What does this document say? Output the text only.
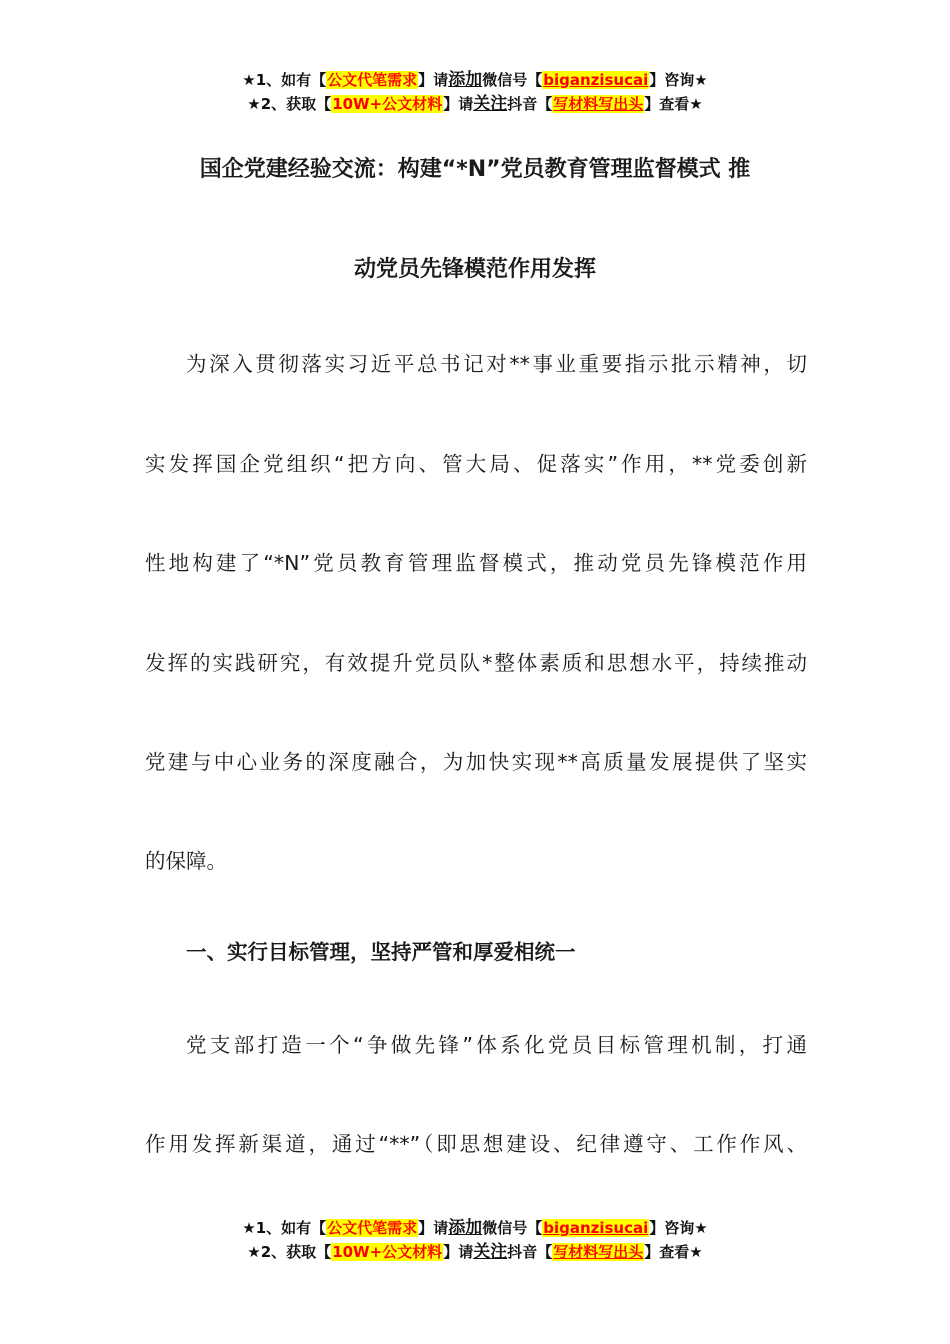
★1、如有【公文代笔需求】请添加微信号【biganzisucai】咨询★
★2、获取【10W+公文材料】请关注抖音【写材料写出头】查看★
国企党建经验交流：构建“*N”党员教育管理监督模式 推
动党员先锋模范作用发挥
为深入贯彻落实习近平总书记对**事业重要指示批示精神，切
实发挥国企党组织“把方向、管大局、促落实”作用，**党委创新
性地构建了“*N”党员教育管理监督模式，推动党员先锋模范作用
发挥的实践研究，有效提升党员队*整体素质和思想水平，持续推动
党建与中心业务的深度融合，为加快实现**高质量发展提供了坚实
的保障。
一、实行目标管理，坚持严管和厚爱相统一
党支部打造一个“争做先锋”体系化党员目标管理机制，打通
作用发挥新渠道，通过“**”（即思想建设、纪律遵守、工作作风、
★1、如有【公文代笔需求】请添加微信号【biganzisucai】咨询★
★2、获取【10W+公文材料】请关注抖音【写材料写出头】查看★
